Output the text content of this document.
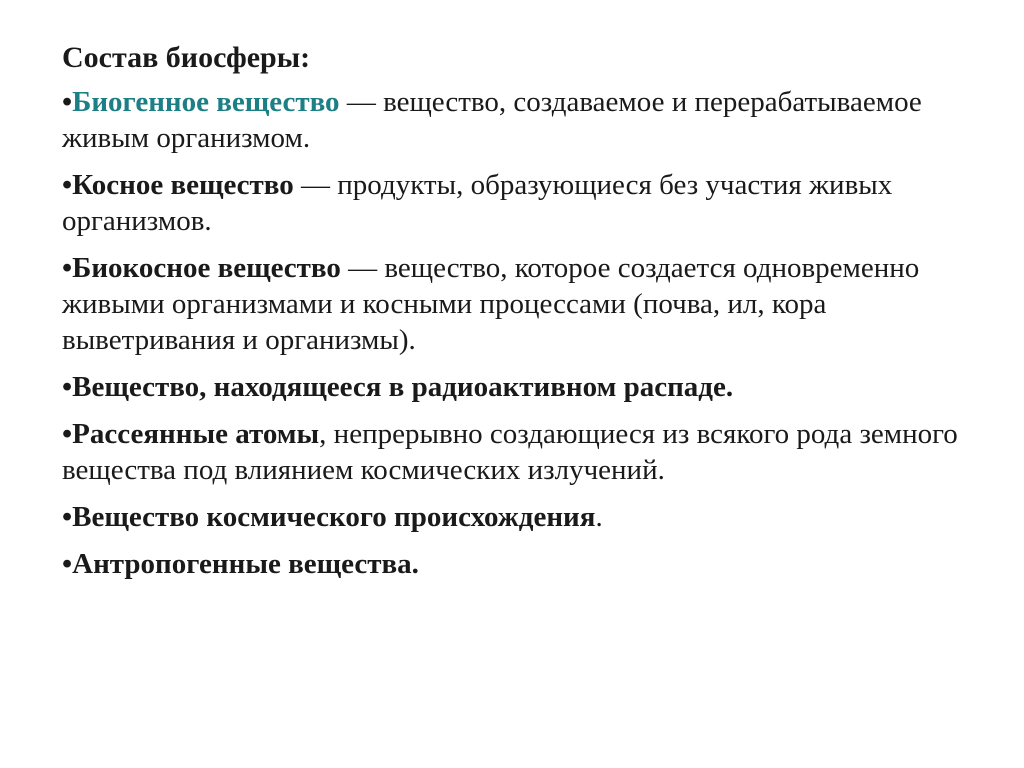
Состав биосферы:
•Биогенное вещество — вещество, создаваемое и перерабатываемое живым организмом.
•Косное вещество — продукты, образующиеся без участия живых организмов.
•Биокосное вещество — вещество, которое создается одновременно живыми организмами и косными процессами (почва, ил, кора выветривания и организмы).
•Вещество, находящееся в радиоактивном распаде.
•Рассеянные атомы, непрерывно создающиеся из всякого рода земного вещества под влиянием космических излучений.
•Вещество космического происхождения.
•Антропогенные вещества.
